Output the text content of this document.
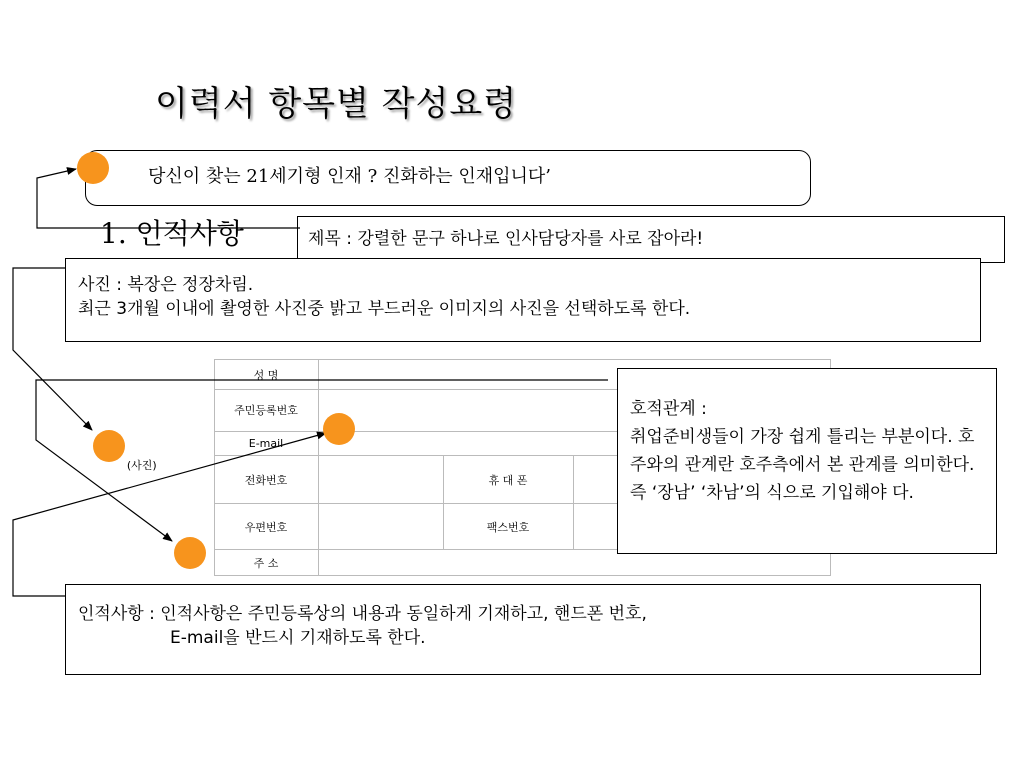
이력서 항목별 작성요령
1. 인적사항
(사진)	성 명			
	주민등록번호			
	E-mail			
	전화번호		휴 대 폰	
	우편번호		팩스번호	
	주 소			
당신이 찾는 21세기형 인재 ? 진화하는 인재입니다’
제목 : 강렬한 문구 하나로 인사담당자를 사로 잡아라!
사진 : 복장은 정장차림.
최근 3개월 이내에 촬영한 사진중 밝고 부드러운 이미지의 사진을 선택하도록 한다.
호적관계 :
취업준비생들이 가장 쉽게 틀리는 부분이다. 호주와의 관계란 호주측에서 본 관계를 의미한다. 즉 ‘장남’ ‘차남’의 식으로 기입해야 다.
인적사항 : 인적사항은 주민등록상의 내용과 동일하게 기재하고, 핸드폰 번호,
E-mail을 반드시 기재하도록 한다.
